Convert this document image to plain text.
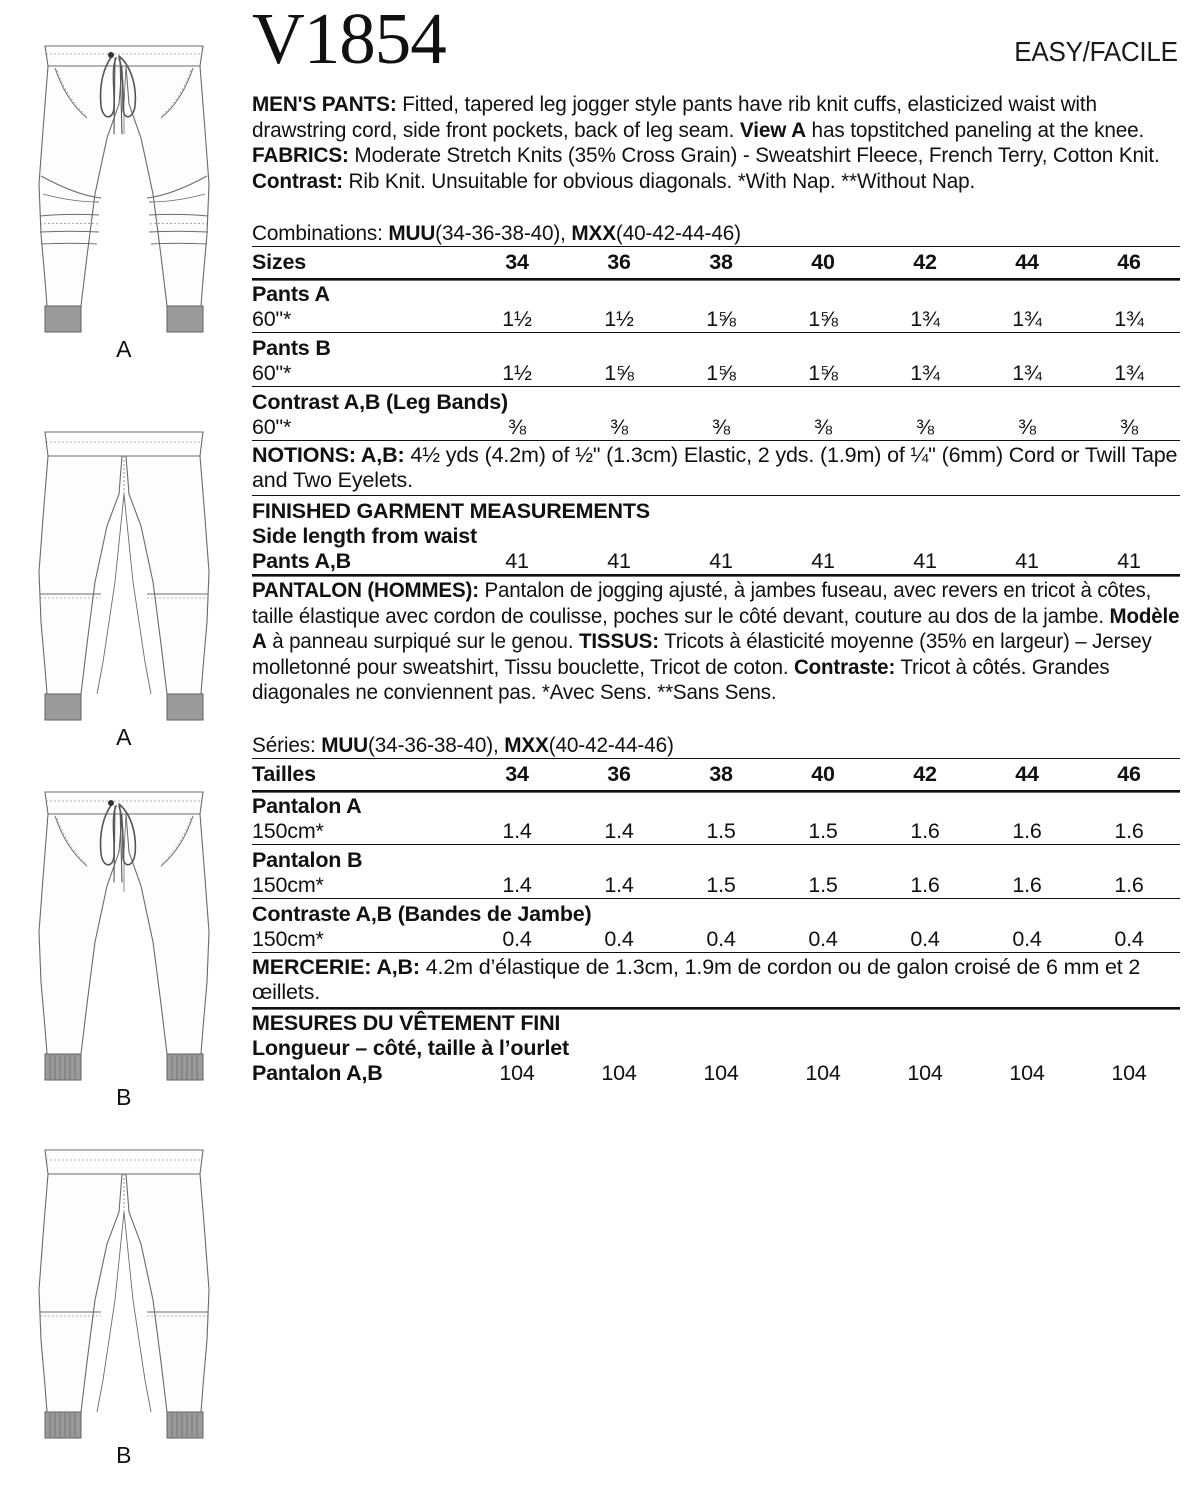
A
A
B
B
V1854	EASY/FACILE

MEN'S PANTS: Fitted, tapered leg jogger style pants have rib knit cuffs, elasticized waist with drawstring cord, side front pockets, back of leg seam. View A has topstitched paneling at the knee. FABRICS: Moderate Stretch Knits (35% Cross Grain) - Sweatshirt Fleece, French Terry, Cotton Knit. Contrast: Rib Knit. Unsuitable for obvious diagonals. *With Nap. **Without Nap.

Combinations: MUU(34-36-38-40), MXX(40-42-44-46)

Sizes	34	36	38	40	42	44	46
Pants A							
60"*	1½	1½	1⅝	1⅝	1¾	1¾	1¾
Pants B							
60"*	1½	1⅝	1⅝	1⅝	1¾	1¾	1¾
Contrast A,B (Leg Bands)							
60"*	⅜	⅜	⅜	⅜	⅜	⅜	⅜
NOTIONS: A,B: 4½ yds (4.2m) of ½" (1.3cm) Elastic, 2 yds. (1.9m) of ¼" (6mm) Cord or Twill Tape and Two Eyelets.							
FINISHED GARMENT MEASUREMENTS							
Side length from waist							
Pants A,B	41	41	41	41	41	41	41

PANTALON (HOMMES): Pantalon de jogging ajusté, à jambes fuseau, avec revers en tricot à côtes, taille élastique avec cordon de coulisse, poches sur le côté devant, couture au dos de la jambe. Modèle A à panneau surpiqué sur le genou. TISSUS: Tricots à élasticité moyenne (35% en largeur) – Jersey molletonné pour sweatshirt, Tissu bouclette, Tricot de coton. Contraste: Tricot à côtés. Grandes diagonales ne conviennent pas. *Avec Sens. **Sans Sens.							

Séries: MUU(34-36-38-40), MXX(40-42-44-46)

Tailles	34	36	38	40	42	44	46
Pantalon A							
150cm*	1.4	1.4	1.5	1.5	1.6	1.6	1.6
Pantalon B							
150cm*	1.4	1.4	1.5	1.5	1.6	1.6	1.6
Contraste A,B (Bandes de Jambe)							
150cm*	0.4	0.4	0.4	0.4	0.4	0.4	0.4
MERCERIE: A,B: 4.2m d’élastique de 1.3cm, 1.9m de cordon ou de galon croisé de 6 mm et 2 œillets.							
MESURES DU VÊTEMENT FINI							
Longueur – côté, taille à l’ourlet							
Pantalon A,B	104	104	104	104	104	104	104
